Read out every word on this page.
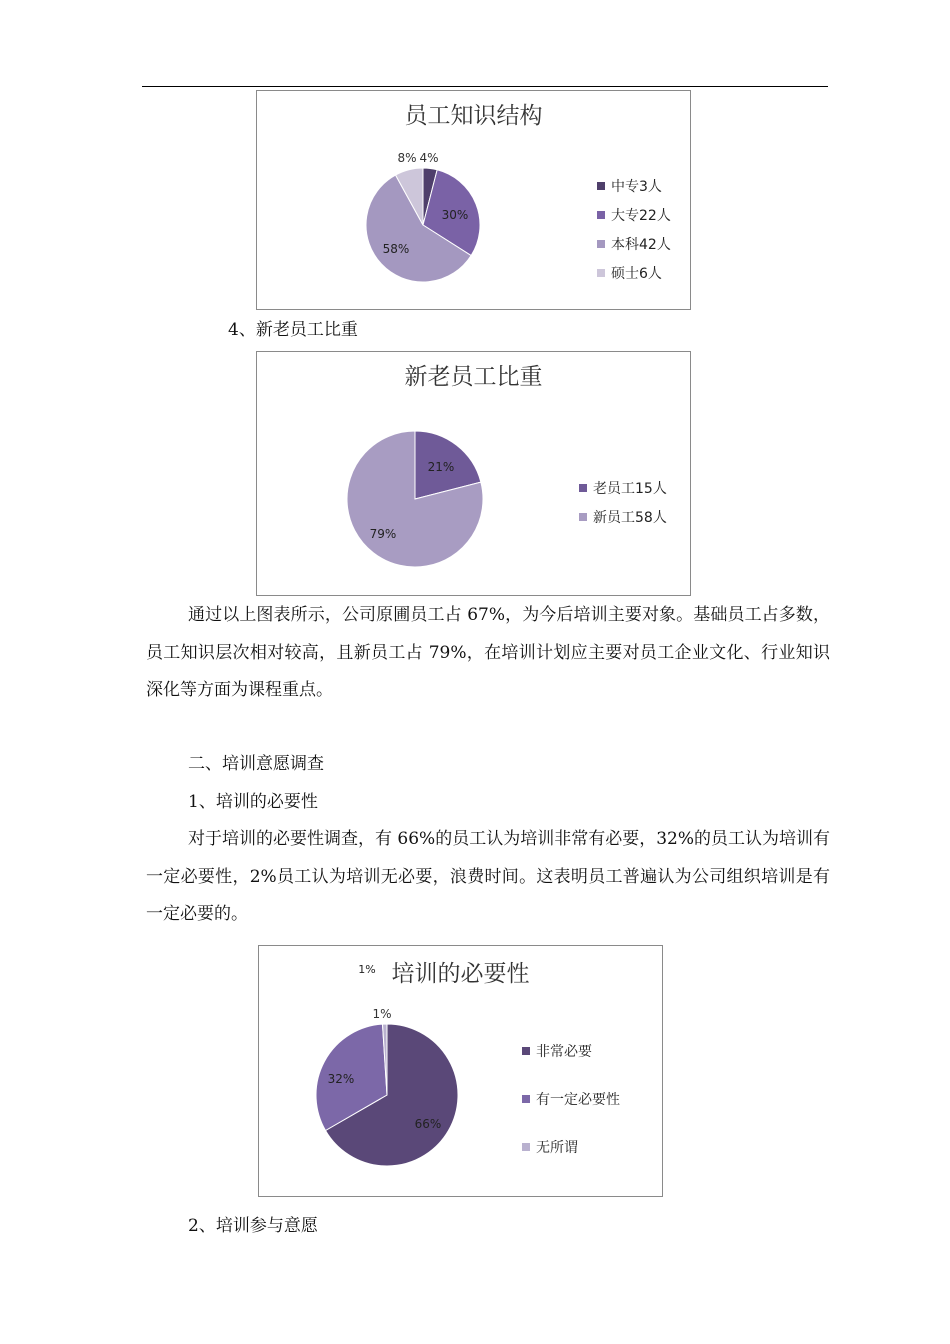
员工知识结构
4%
30%
58%
8%
中专3人
大专22人
本科42人
硕士6人
4、新老员工比重
新老员工比重
21%
79%
老员工15人
新员工58人
通过以上图表所示，公司原圃员工占 67%，为今后培训主要对象。基础员工占多数，员工知识层次相对较高，且新员工占 79%，在培训计划应主要对员工企业文化、行业知识深化等方面为课程重点。
二、培训意愿调查
1、培训的必要性
对于培训的必要性调查，有 66%的员工认为培训非常有必要，32%的员工认为培训有一定必要性，2%员工认为培训无必要，浪费时间。这表明员工普遍认为公司组织培训是有一定必要的。
培训的必要性
1%
66%
32%
1%
非常必要
有一定必要性
无所谓
2、培训参与意愿
